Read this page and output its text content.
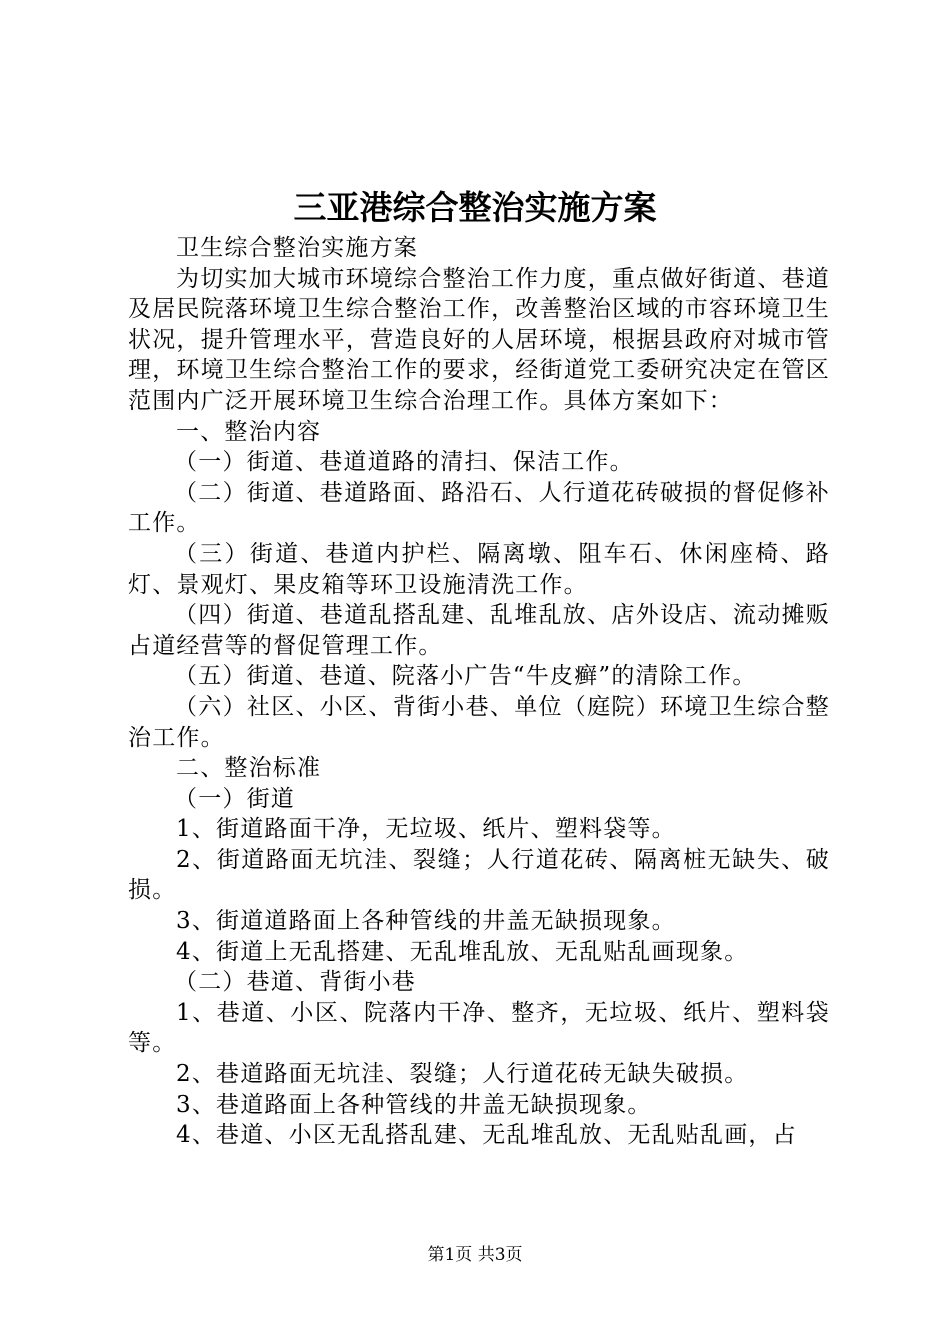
三亚港综合整治实施方案

卫生综合整治实施方案

为切实加大城市环境综合整治工作力度，重点做好街道、巷道及居民院落环境卫生综合整治工作，改善整治区域的市容环境卫生状况，提升管理水平，营造良好的人居环境，根据县政府对城市管理，环境卫生综合整治工作的要求，经街道党工委研究决定在管区范围内广泛开展环境卫生综合治理工作。具体方案如下：

一、整治内容

（一）街道、巷道道路的清扫、保洁工作。

（二）街道、巷道路面、路沿石、人行道花砖破损的督促修补工作。

（三）街道、巷道内护栏、隔离墩、阻车石、休闲座椅、路灯、景观灯、果皮箱等环卫设施清洗工作。

（四）街道、巷道乱搭乱建、乱堆乱放、店外设店、流动摊贩占道经营等的督促管理工作。

（五）街道、巷道、院落小广告“牛皮癣”的清除工作。

（六）社区、小区、背街小巷、单位（庭院）环境卫生综合整治工作。

二、整治标准

（一）街道

1、街道路面干净，无垃圾、纸片、塑料袋等。

2、街道路面无坑洼、裂缝；人行道花砖、隔离桩无缺失、破损。

3、街道道路面上各种管线的井盖无缺损现象。

4、街道上无乱搭建、无乱堆乱放、无乱贴乱画现象。

（二）巷道、背街小巷

1、巷道、小区、院落内干净、整齐，无垃圾、纸片、塑料袋等。

2、巷道路面无坑洼、裂缝；人行道花砖无缺失破损。

3、巷道路面上各种管线的井盖无缺损现象。

4、巷道、小区无乱搭乱建、无乱堆乱放、无乱贴乱画，占

第1页 共3页
